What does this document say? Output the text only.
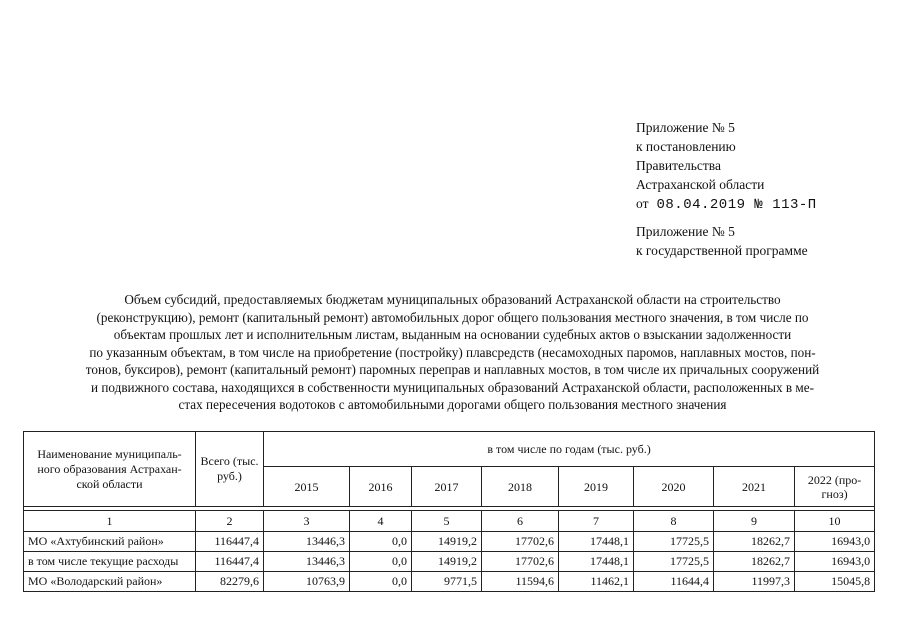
Приложение № 5
к постановлению
Правительства
Астраханской области
от 08.04.2019 № 113-П
Приложение № 5
к государственной программе
Объем субсидий, предоставляемых бюджетам муниципальных образований Астраханской области на строительство
(реконструкцию), ремонт (капитальный ремонт) автомобильных дорог общего пользования местного значения, в том числе по
объектам прошлых лет и исполнительным листам, выданным на основании судебных актов о взыскании задолженности
по указанным объектам, в том числе на приобретение (постройку) плавсредств (несамоходных паромов, наплавных мостов, пон-
тонов, буксиров), ремонт (капитальный ремонт) паромных переправ и наплавных мостов, в том числе их причальных сооружений
и подвижного состава, находящихся в собственности муниципальных образований Астраханской области, расположенных в ме-
стах пересечения водотоков с автомобильными дорогами общего пользования местного значения
Наименование муниципаль-ного образования Астрахан-ской области	Всего (тыс. руб.)	в том числе по годам (тыс. руб.)							
		2015	2016	2017	2018	2019	2020	2021	2022 (про-гноз)

1	2	3	4	5	6	7	8	9	10
МО «Ахтубинский район»	116447,4	13446,3	0,0	14919,2	17702,6	17448,1	17725,5	18262,7	16943,0
в том числе текущие расходы	116447,4	13446,3	0,0	14919,2	17702,6	17448,1	17725,5	18262,7	16943,0
МО «Володарский район»	82279,6	10763,9	0,0	9771,5	11594,6	11462,1	11644,4	11997,3	15045,8
